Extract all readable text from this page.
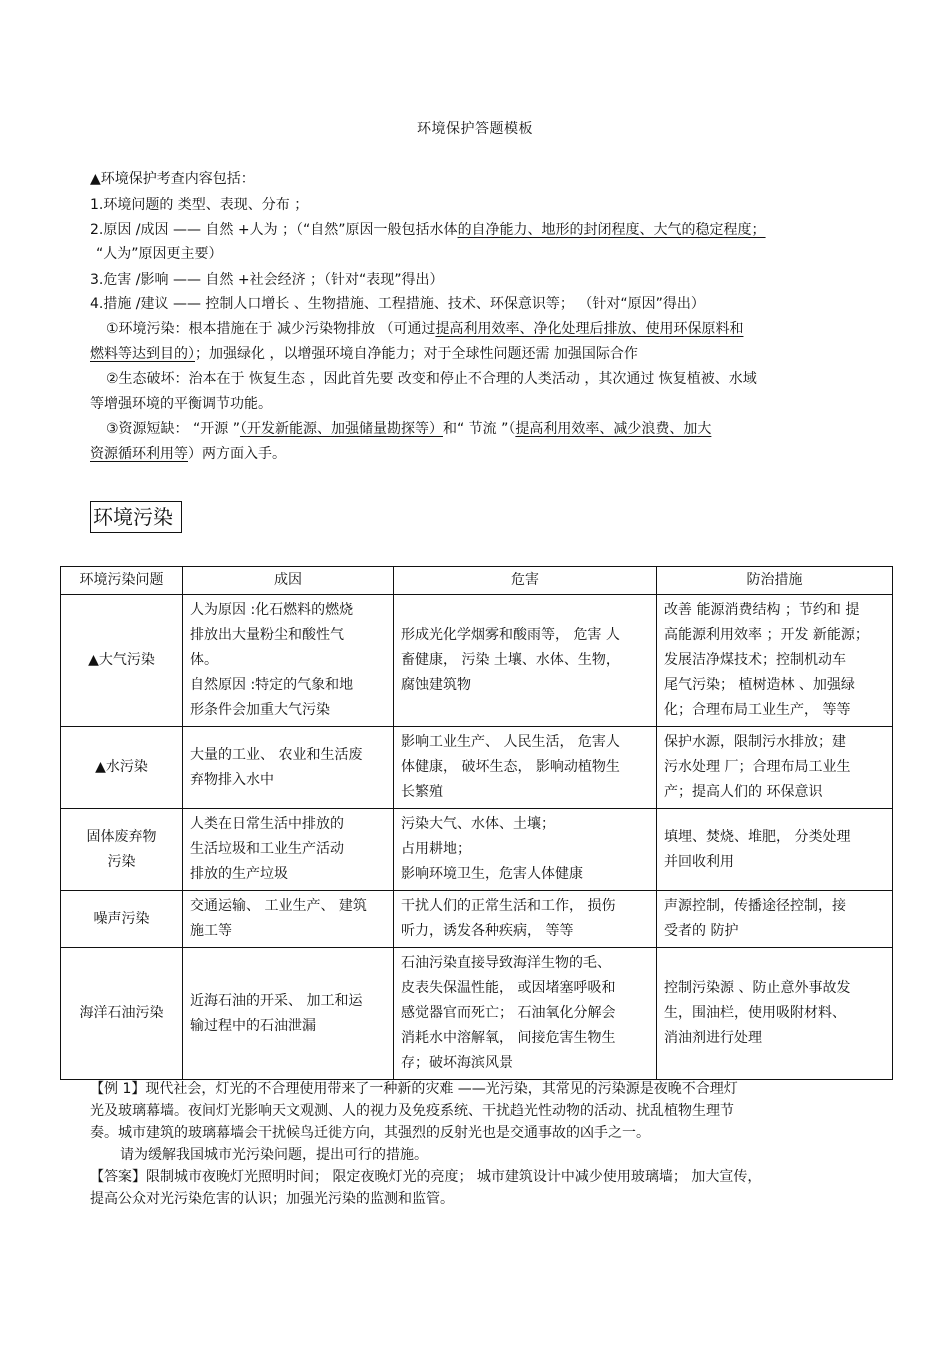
环境保护答题模板
▲环境保护考查内容包括：
1.环境问题的 类型、表现、分布 ；
2.原因 /成因 —— 自然 +人为 ；（“自然”原因一般包括水体的自净能力、地形的封闭程度、大气的稳定程度；
“人为”原因更主要）
3.危害 /影响 —— 自然 +社会经济 ；（针对“表现”得出）
4.措施 /建议 —— 控制人口增长 、生物措施、工程措施、技术、环保意识等； （针对“原因”得出）
①环境污染：根本措施在于 减少污染物排放 （可通过提高利用效率、净化处理后排放、使用环保原料和
燃料等达到目的）；加强绿化 ，以增强环境自净能力；对于全球性问题还需 加强国际合作
②生态破坏：治本在于 恢复生态 ，因此首先要 改变和停止不合理的人类活动 ，其次通过 恢复植被、水域
等增强环境的平衡调节功能。
③资源短缺： “开源 ”（开发新能源、加强储量勘探等）和“ 节流 ”（提高利用效率、减少浪费、加大
资源循环利用等）两方面入手。
环境污染
环境污染问题	成因	危害	防治措施
▲大气污染	人为原因 :化石燃料的燃烧
排放出大量粉尘和酸性气
体。
自然原因 :特定的气象和地
形条件会加重大气污染	形成光化学烟雾和酸雨等， 危害 人
畜健康， 污染 土壤、水体、生物，
腐蚀建筑物	改善 能源消费结构 ；节约和 提
高能源利用效率 ；开发 新能源；
发展洁净煤技术；控制机动车
尾气污染； 植树造林 、加强绿
化；合理布局工业生产， 等等

▲水污染	大量的工业、 农业和生活废
弃物排入水中	影响工业生产、 人民生活， 危害人
体健康， 破坏生态， 影响动植物生
长繁殖	保护水源，限制污水排放；建
污水处理 厂；合理布局工业生
产；提高人们的 环保意识

固体废弃物
污染	人类在日常生活中排放的
生活垃圾和工业生产活动
排放的生产垃圾	污染大气、水体、土壤；
占用耕地；
影响环境卫生，危害人体健康	填埋、焚烧、堆肥， 分类处理
并回收利用

噪声污染	交通运输、 工业生产、 建筑
施工等	干扰人们的正常生活和工作， 损伤
听力，诱发各种疾病， 等等	声源控制，传播途径控制，接
受者的 防护

海洋石油污染	近海石油的开采、 加工和运
输过程中的石油泄漏	石油污染直接导致海洋生物的毛、
皮表失保温性能， 或因堵塞呼吸和
感觉器官而死亡； 石油氧化分解会
消耗水中溶解氧， 间接危害生物生
存；破坏海滨风景	控制污染源 、防止意外事故发
生，围油栏，使用吸附材料、
消油剂进行处理
【例 1】现代社会，灯光的不合理使用带来了一种新的灾难 ——光污染，其常见的污染源是夜晚不合理灯
光及玻璃幕墙。夜间灯光影响天文观测、人的视力及免疫系统、干扰趋光性动物的活动、扰乱植物生理节
奏。城市建筑的玻璃幕墙会干扰候鸟迁徙方向，其强烈的反射光也是交通事故的凶手之一。
请为缓解我国城市光污染问题，提出可行的措施。
【答案】限制城市夜晚灯光照明时间； 限定夜晚灯光的亮度； 城市建筑设计中减少使用玻璃墙； 加大宣传，
提高公众对光污染危害的认识；加强光污染的监测和监管。
